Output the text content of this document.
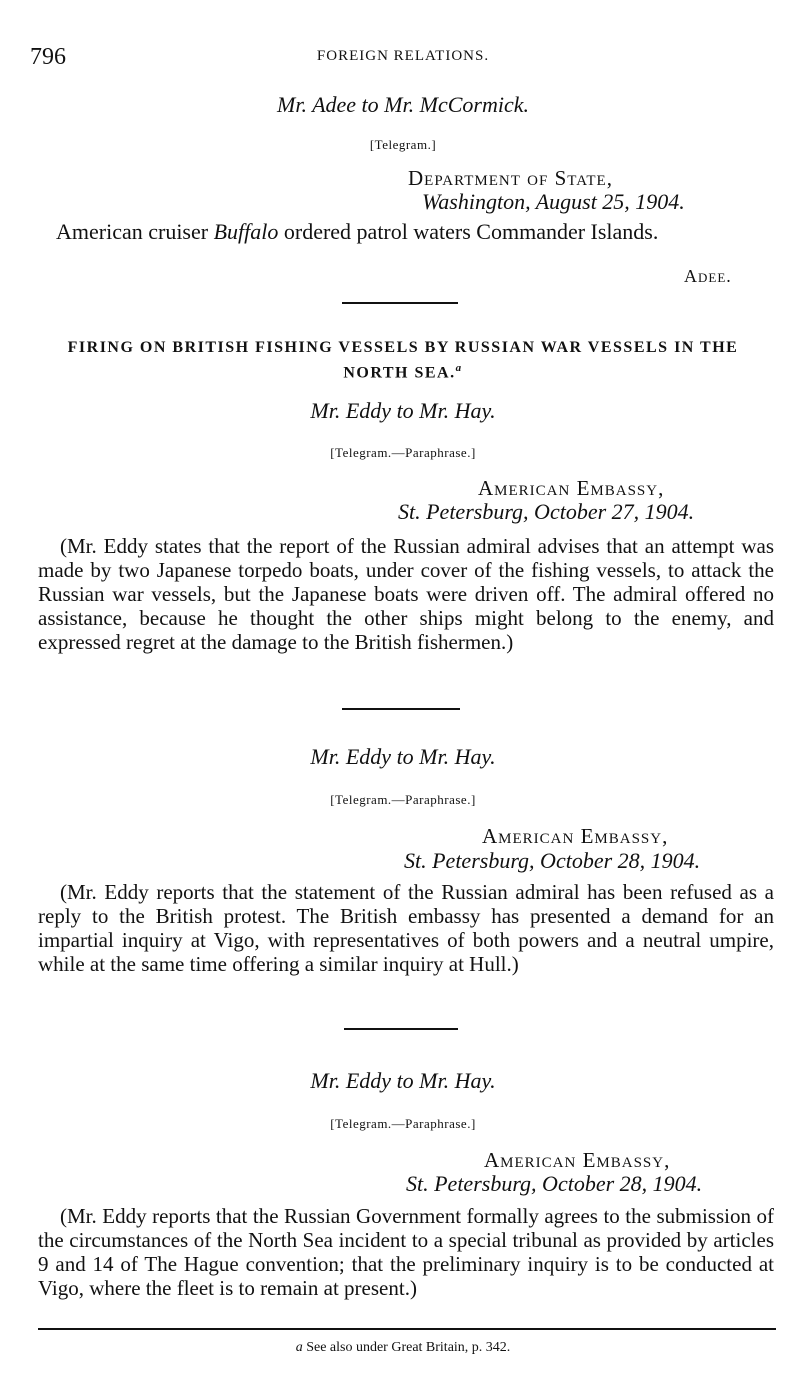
796	FOREIGN RELATIONS.
Mr. Adee to Mr. McCormick.
[Telegram.]
Department of State,
Washington, August 25, 1904.
American cruiser Buffalo ordered patrol waters Commander Islands.
Adee.
FIRING ON BRITISH FISHING VESSELS BY RUSSIAN WAR VESSELS IN THE NORTH SEA.$^a$
Mr. Eddy to Mr. Hay.
[Telegram.—Paraphrase.]
American Embassy,
St. Petersburg, October 27, 1904.
(Mr. Eddy states that the report of the Russian admiral advises that an attempt was made by two Japanese torpedo boats, under cover of the fishing vessels, to attack the Russian war vessels, but the Japanese boats were driven off. The admiral offered no assistance, because he thought the other ships might belong to the enemy, and expressed regret at the damage to the British fishermen.)
Mr. Eddy to Mr. Hay.
[Telegram.—Paraphrase.]
American Embassy,
St. Petersburg, October 28, 1904.
(Mr. Eddy reports that the statement of the Russian admiral has been refused as a reply to the British protest. The British embassy has presented a demand for an impartial inquiry at Vigo, with representatives of both powers and a neutral umpire, while at the same time offering a similar inquiry at Hull.)
Mr. Eddy to Mr. Hay.
[Telegram.—Paraphrase.]
American Embassy,
St. Petersburg, October 28, 1904.
(Mr. Eddy reports that the Russian Government formally agrees to the submission of the circumstances of the North Sea incident to a special tribunal as provided by articles 9 and 14 of The Hague convention; that the preliminary inquiry is to be conducted at Vigo, where the fleet is to remain at present.)
a See also under Great Britain, p. 342.
